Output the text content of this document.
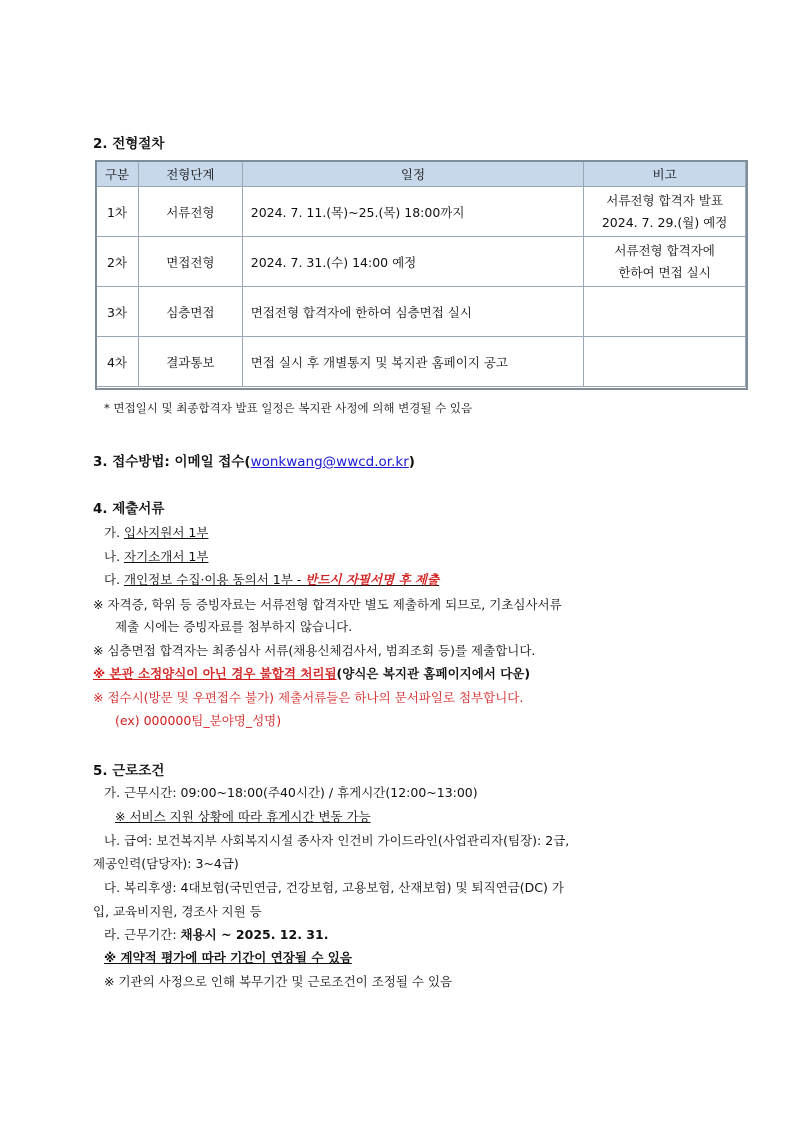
2. 전형절차
구분	전형단계	일정	비고
1차	서류전형	2024. 7. 11.(목)~25.(목) 18:00까지	서류전형 합격자 발표
2024. 7. 29.(월) 예정

2차	면접전형	2024. 7. 31.(수) 14:00 예정	서류전형 합격자에
한하여 면접 실시

3차	심층면접	면접전형 합격자에 한하여 심층면접 실시	
4차	결과통보	면접 실시 후 개별통지 및 복지관 홈페이지 공고	
* 면접일시 및 최종합격자 발표 일정은 복지관 사정에 의해 변경될 수 있음
3. 접수방법: 이메일 접수(wonkwang@wwcd.or.kr)
4. 제출서류
가. 입사지원서 1부
나. 자기소개서 1부
다. 개인정보 수집·이용 동의서 1부 - 반드시 자필서명 후 제출
※ 자격증, 학위 등 증빙자료는 서류전형 합격자만 별도 제출하게 되므로, 기초심사서류
제출 시에는 증빙자료를 첨부하지 않습니다.
※ 심층면접 합격자는 최종심사 서류(채용신체검사서, 범죄조회 등)를 제출합니다.
※ 본관 소정양식이 아닌 경우 불합격 처리됨(양식은 복지관 홈페이지에서 다운)
※ 접수시(방문 및 우편접수 불가) 제출서류들은 하나의 문서파일로 첨부합니다.
(ex) 000000팀_분야명_성명)
5. 근로조건
가. 근무시간: 09:00~18:00(주40시간) / 휴게시간(12:00~13:00)
※ 서비스 지원 상황에 따라 휴게시간 변동 가능
나. 급여: 보건복지부 사회복지시설 종사자 인건비 가이드라인(사업관리자(팀장): 2급,
제공인력(담당자): 3~4급)
다. 복리후생: 4대보험(국민연금, 건강보험, 고용보험, 산재보험) 및 퇴직연금(DC) 가
입, 교육비지원, 경조사 지원 등
라. 근무기간: 채용시 ~ 2025. 12. 31.
※ 계약적 평가에 따라 기간이 연장될 수 있음
※ 기관의 사정으로 인해 복무기간 및 근로조건이 조정될 수 있음
